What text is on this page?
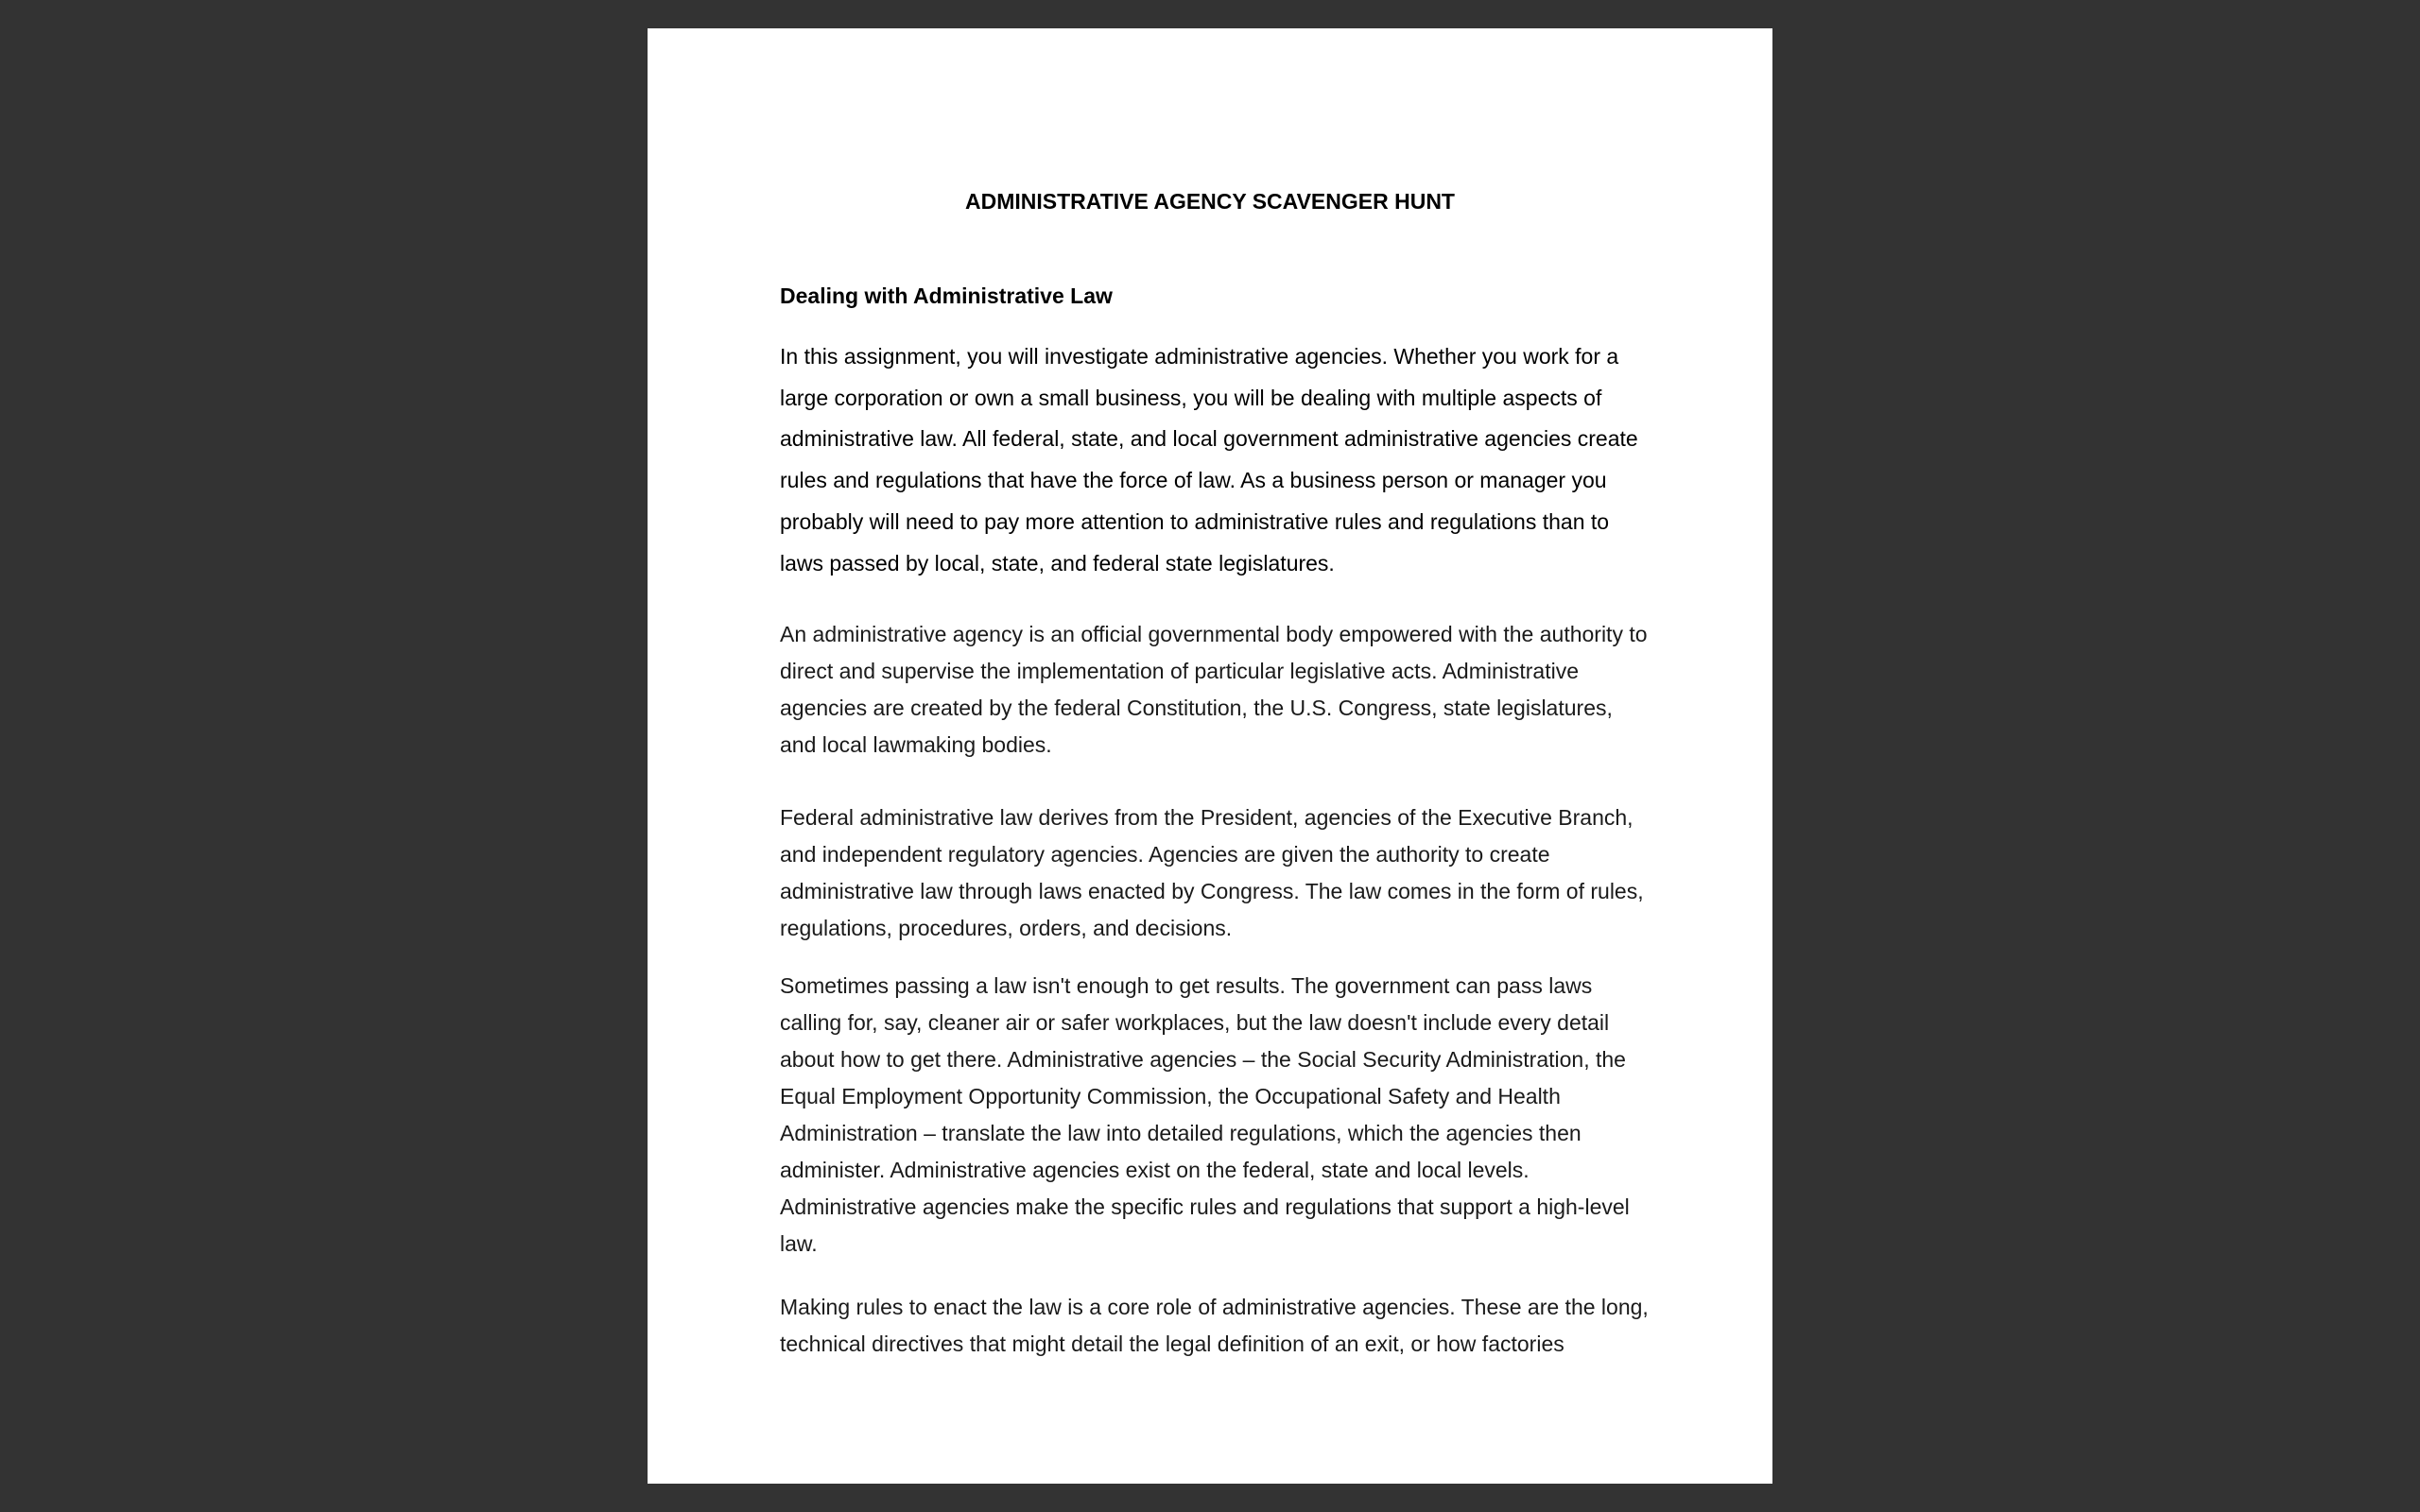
ADMINISTRATIVE AGENCY SCAVENGER HUNT
Dealing with Administrative Law

In this assignment, you will investigate administrative agencies. Whether you work for a large corporation or own a small business, you will be dealing with multiple aspects of administrative law. All federal, state, and local government administrative agencies create rules and regulations that have the force of law. As a business person or manager you probably will need to pay more attention to administrative rules and regulations than to laws passed by local, state, and federal state legislatures.

An administrative agency is an official governmental body empowered with the authority to direct and supervise the implementation of particular legislative acts. Administrative agencies are created by the federal Constitution, the U.S. Congress, state legislatures, and local lawmaking bodies.

Federal administrative law derives from the President, agencies of the Executive Branch, and independent regulatory agencies. Agencies are given the authority to create administrative law through laws enacted by Congress. The law comes in the form of rules, regulations, procedures, orders, and decisions.

Sometimes passing a law isn't enough to get results. The government can pass laws calling for, say, cleaner air or safer workplaces, but the law doesn't include every detail about how to get there. Administrative agencies – the Social Security Administration, the Equal Employment Opportunity Commission, the Occupational Safety and Health Administration – translate the law into detailed regulations, which the agencies then administer. Administrative agencies exist on the federal, state and local levels. Administrative agencies make the specific rules and regulations that support a high-level law.

Making rules to enact the law is a core role of administrative agencies. These are the long, technical directives that might detail the legal definition of an exit, or how factories
